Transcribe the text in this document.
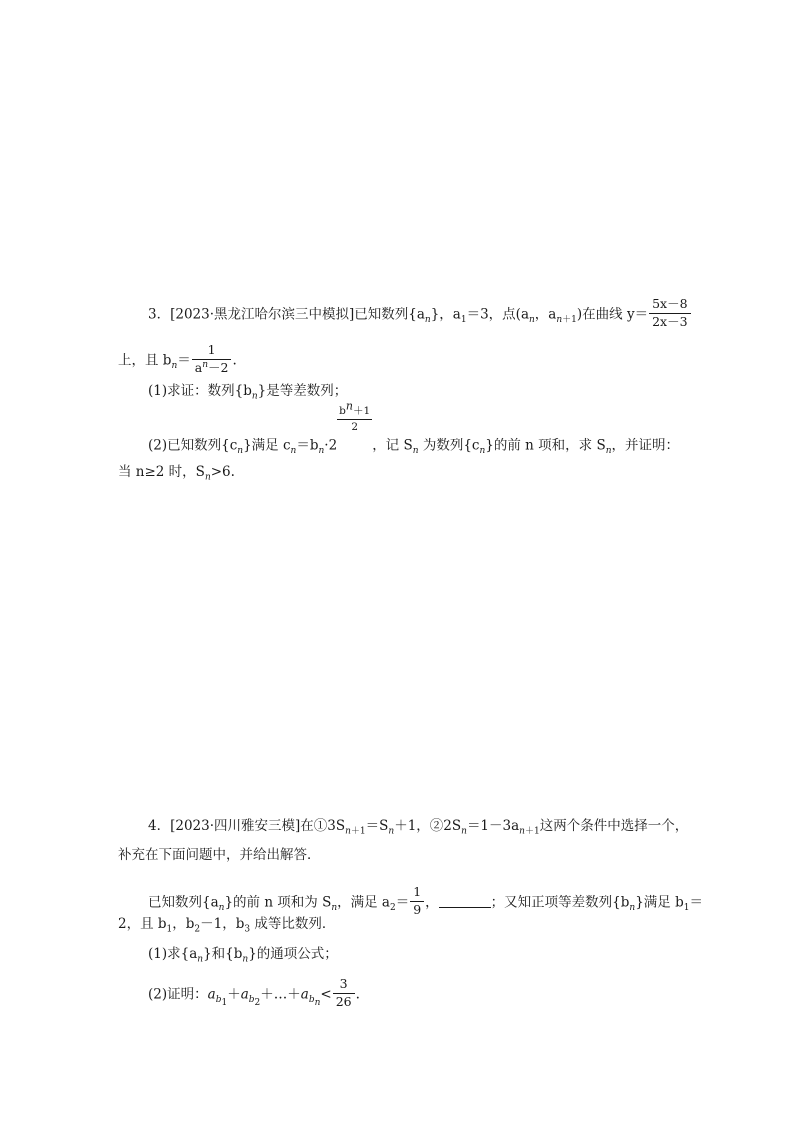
3．[2023·黑龙江哈尔滨三中模拟]已知数列$\{a_n\}$，$a_1=3$，点($a_n$，$a_{n+1}$)在曲线 $y= \frac{5x-8}{2x-3}$
上，且 $b_n= \frac{1}{a^n-2}$ .
(1)求证：数列$\{b_n\}$是等差数列；
(2)已知数列$\{c_n\}$满足 $c_n=b_n\cdot 2$
$\frac{b^n+1}{2}$
，记 $S_n$ 为数列$\{c_n\}$的前 n 项和，求 $S_n$，并证明：
当 n≥2 时，$S_n>6$.
4．[2023·四川雅安三模]在$①3S_{n+1}=S_n+1$，$②2S_n=1-3a_{n+1}$这两个条件中选择一个，
补充在下面问题中，并给出解答．
已知数列$\{a_n\}$的前 n 项和为 $S_n$，满足 $a_2= \frac{1}{9}$ ，	；又知正项等差数列$\{b_n\}$满足 $b_1=$
2，且 $b_1$，$b_2-1$，$b_3$ 成等比数列．
(1)求$\{a_n\}$和$\{b_n\}$的通项公式；
(2)证明：$a_{b_1}+a_{b_2}+\dots+a_{b_n}< \frac{3}{26}$ .
